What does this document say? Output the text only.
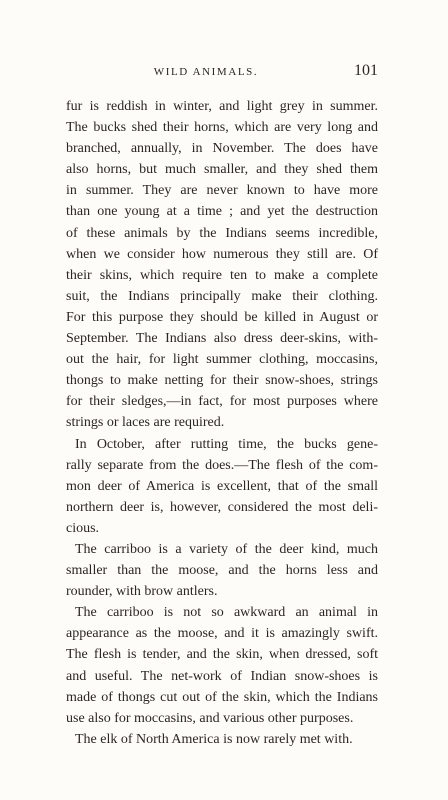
WILD ANIMALS.	101
fur is reddish in winter, and light grey in summer.
The bucks shed their horns, which are very long and
branched, annually, in November. The does have
also horns, but much smaller, and they shed them
in summer. They are never known to have more
than one young at a time ; and yet the destruction
of these animals by the Indians seems incredible,
when we consider how numerous they still are. Of
their skins, which require ten to make a complete
suit, the Indians principally make their clothing.
For this purpose they should be killed in August or
September. The Indians also dress deer-skins, with-
out the hair, for light summer clothing, moccasins,
thongs to make netting for their snow-shoes, strings
for their sledges,—in fact, for most purposes where
strings or laces are required.
In October, after rutting time, the bucks gene-
rally separate from the does.—The flesh of the com-
mon deer of America is excellent, that of the small
northern deer is, however, considered the most deli-
cious.
The carriboo is a variety of the deer kind, much
smaller than the moose, and the horns less and
rounder, with brow antlers.
The carriboo is not so awkward an animal in
appearance as the moose, and it is amazingly swift.
The flesh is tender, and the skin, when dressed, soft
and useful. The net-work of Indian snow-shoes is
made of thongs cut out of the skin, which the Indians
use also for moccasins, and various other purposes.
The elk of North America is now rarely met with.
